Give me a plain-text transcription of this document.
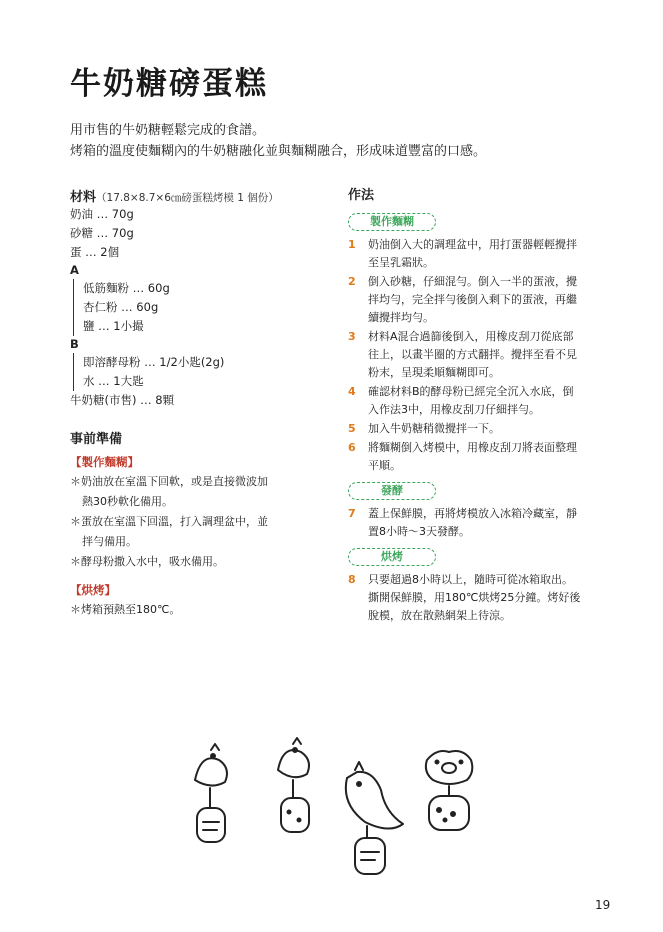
牛奶糖磅蛋糕
用市售的牛奶糖輕鬆完成的食譜。
烤箱的溫度使麵糊內的牛奶糖融化並與麵糊融合，形成味道豐富的口感。
材料（17.8×8.7×6㎝磅蛋糕烤模 1 個份）
奶油 … 70g
砂糖 … 70g
蛋 … 2個
A
低筋麵粉 … 60g
杏仁粉 … 60g
鹽 … 1小撮
B
即溶酵母粉 … 1/2小匙(2g)
水 … 1大匙
牛奶糖(市售) … 8顆
事前準備
【製作麵糊】
＊奶油放在室溫下回軟，或是直接微波加
熱30秒軟化備用。
＊蛋放在室溫下回溫，打入調理盆中，並
拌勻備用。
＊酵母粉撒入水中，吸水備用。
【烘烤】
＊烤箱預熱至180℃。
作法
製作麵糊
1	奶油倒入大的調理盆中，用打蛋器輕輕攪拌
至呈乳霜狀。
2	倒入砂糖，仔細混勻。倒入一半的蛋液，攪
拌均勻，完全拌勻後倒入剩下的蛋液，再繼
續攪拌均勻。
3	材料A混合過篩後倒入，用橡皮刮刀從底部
往上，以畫半圈的方式翻拌。攪拌至看不見
粉末，呈現柔順麵糊即可。
4	確認材料B的酵母粉已經完全沉入水底，倒
入作法3中，用橡皮刮刀仔細拌勻。
5	加入牛奶糖稍微攪拌一下。
6	將麵糊倒入烤模中，用橡皮刮刀將表面整理
平順。
發酵
7	蓋上保鮮膜，再將烤模放入冰箱冷藏室，靜
置8小時～3天發酵。
烘烤
8	只要超過8小時以上，隨時可從冰箱取出。
撕開保鮮膜，用180℃烘烤25分鐘。烤好後
脫模，放在散熱網架上待涼。
19
